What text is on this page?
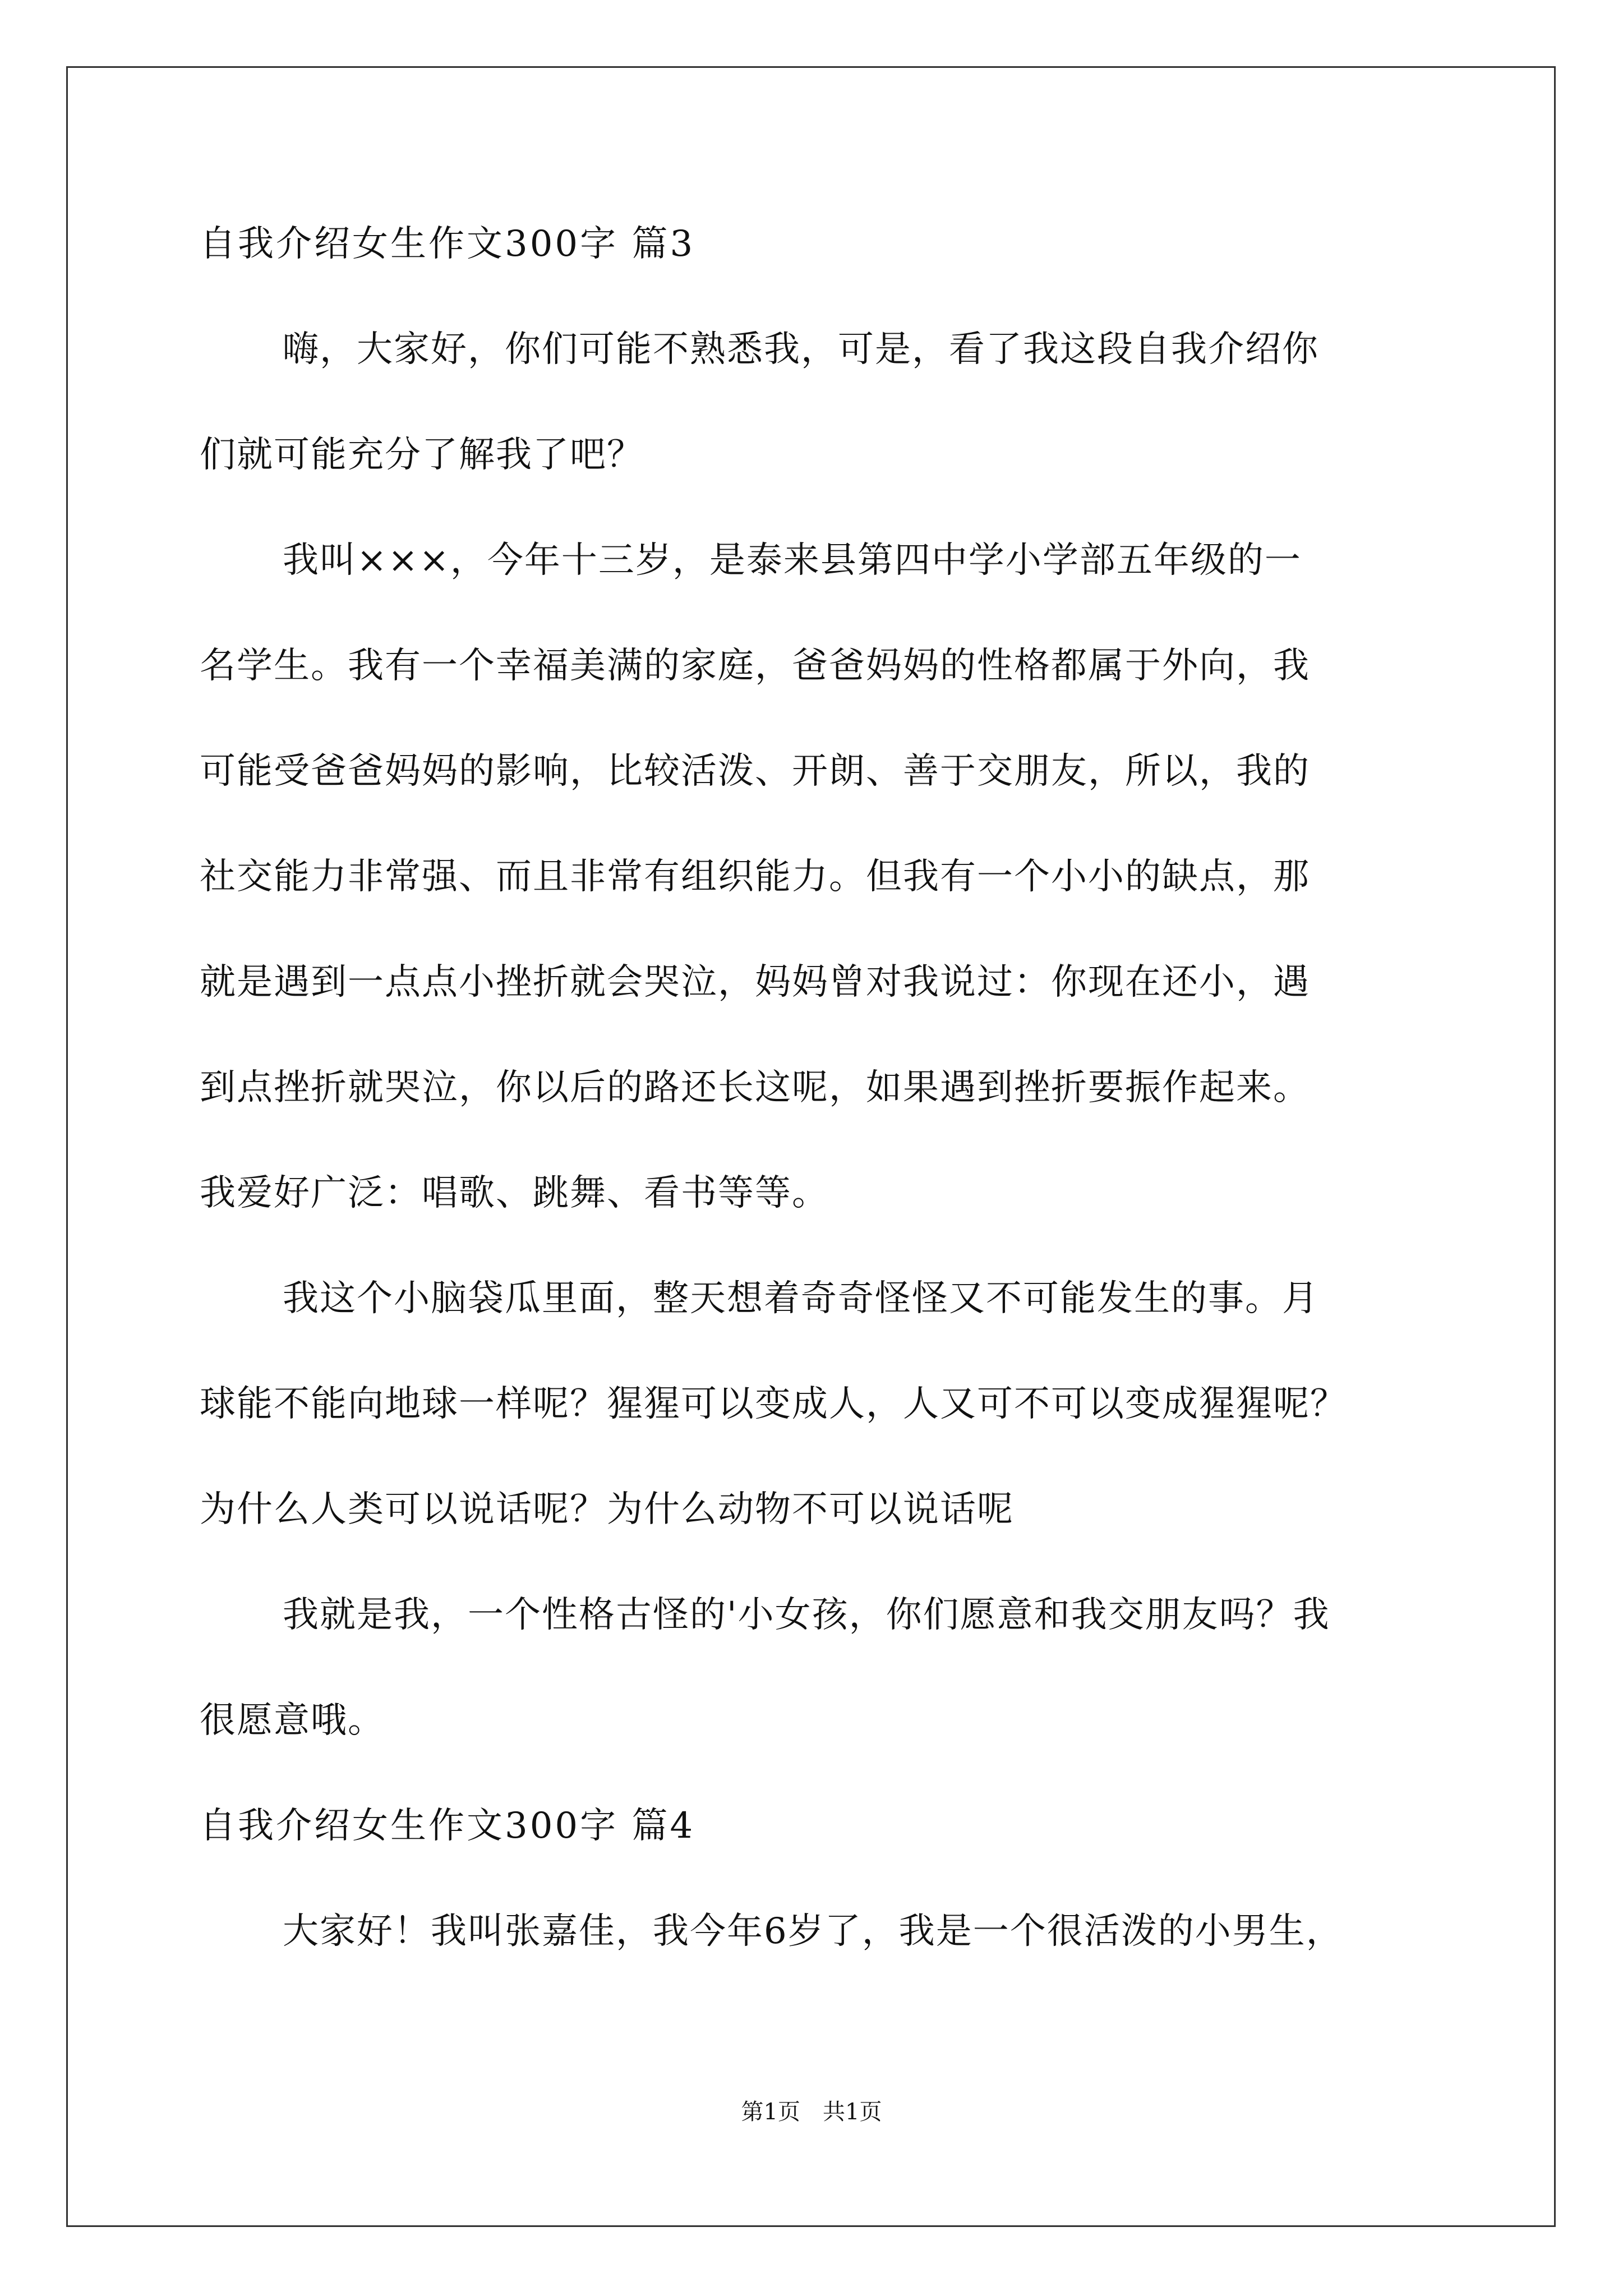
自我介绍女生作文300字 篇3
嗨，大家好，你们可能不熟悉我，可是，看了我这段自我介绍你
们就可能充分了解我了吧？
我叫×××，今年十三岁，是泰来县第四中学小学部五年级的一
名学生。我有一个幸福美满的家庭，爸爸妈妈的性格都属于外向，我
可能受爸爸妈妈的影响，比较活泼、开朗、善于交朋友，所以，我的
社交能力非常强、而且非常有组织能力。但我有一个小小的缺点，那
就是遇到一点点小挫折就会哭泣，妈妈曾对我说过：你现在还小，遇
到点挫折就哭泣，你以后的路还长这呢，如果遇到挫折要振作起来。
我爱好广泛：唱歌、跳舞、看书等等。
我这个小脑袋瓜里面，整天想着奇奇怪怪又不可能发生的事。月
球能不能向地球一样呢？猩猩可以变成人，人又可不可以变成猩猩呢？
为什么人类可以说话呢？为什么动物不可以说话呢
我就是我，一个性格古怪的'小女孩，你们愿意和我交朋友吗？我
很愿意哦。
自我介绍女生作文300字 篇4
大家好！我叫张嘉佳，我今年6岁了，我是一个很活泼的小男生，
第1页　共1页
